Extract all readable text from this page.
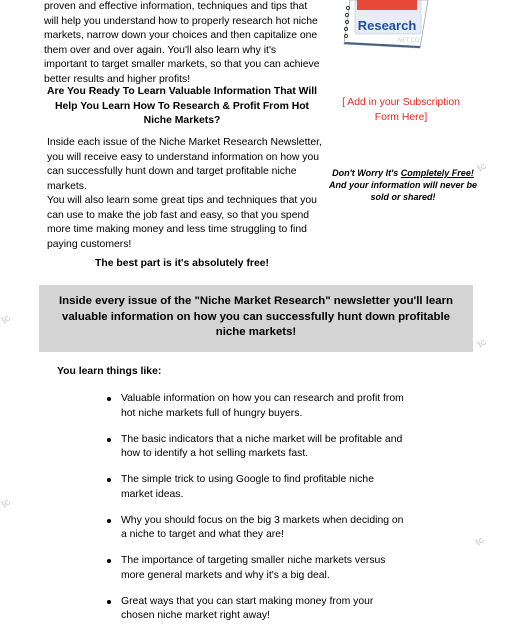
lc
lc
lc
lc
lc

proven and effective information, techniques and tips that will help you understand how to properly research hot niche markets, narrow down your choices and then capitalize one them over and over again. You'll also learn why it's important to target smaller markets, so that you can achieve better results and higher profits!

Research
NFT.CO

Are You Ready To Learn Valuable Information That Will Help You Learn How To Research & Profit From Hot Niche Markets?

[ Add in your Subscription Form Here]

Inside each issue of the Niche Market Research Newsletter, you will receive easy to understand information on how you can successfully hunt down and target profitable niche markets.

Don't Worry It's Completely Free!
And your information will never be sold or shared!

You will also learn some great tips and techniques that you can use to make the job fast and easy, so that you spend more time making money and less time struggling to find paying customers!

The best part is it's absolutely free!

Inside every issue of the "Niche Market Research" newsletter you'll learn valuable information on how you can successfully hunt down profitable niche markets!

You learn things like:

Valuable information on how you can research and profit from hot niche markets full of hungry buyers.
The basic indicators that a niche market will be profitable and how to identify a hot selling markets fast.
The simple trick to using Google to find profitable niche market ideas.
Why you should focus on the big 3 markets when deciding on a niche to target and what they are!
The importance of targeting smaller niche markets versus more general markets and why it's a big deal.
Great ways that you can start making money from your chosen niche market right away!
